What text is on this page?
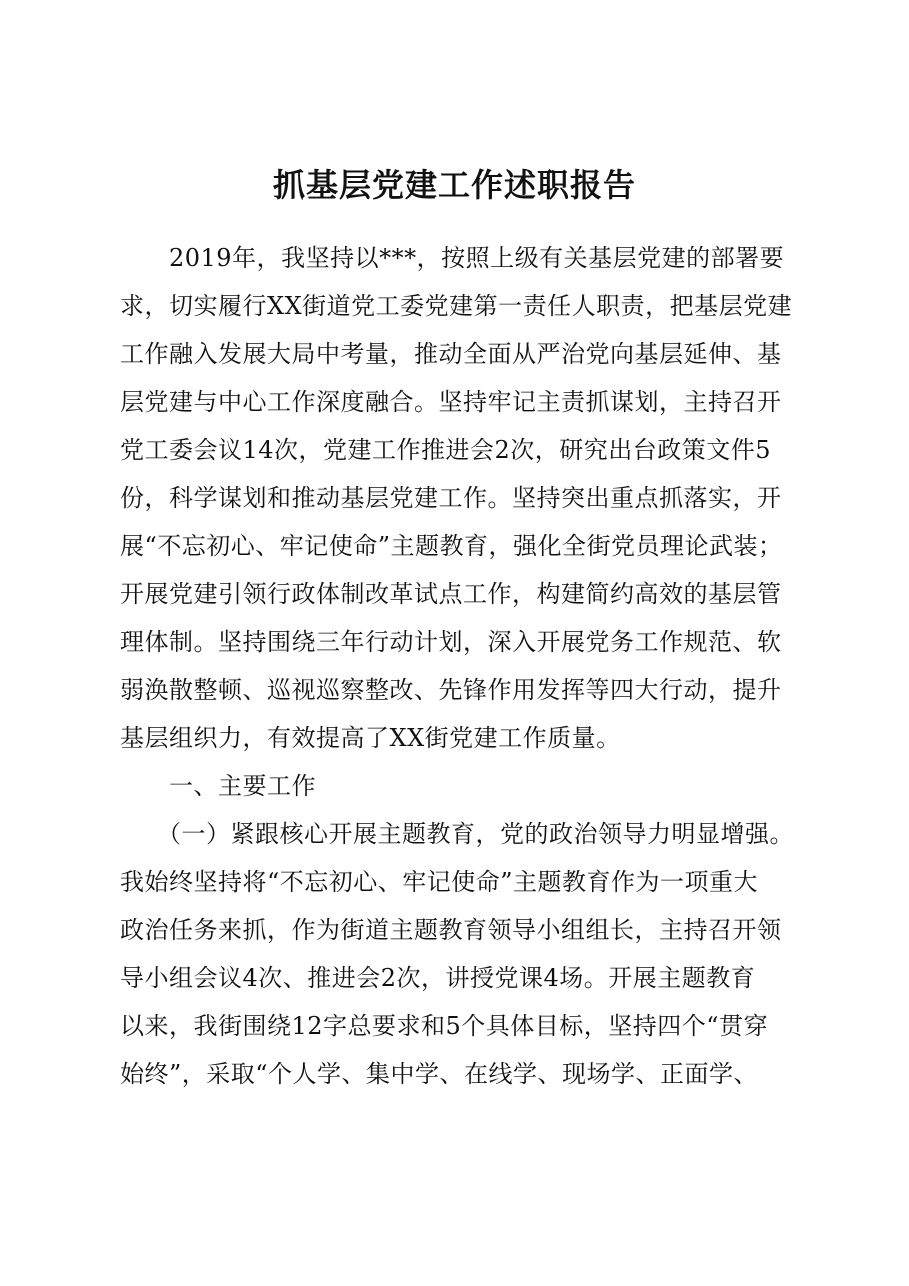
抓基层党建工作述职报告
　　2019年，我坚持以***，按照上级有关基层党建的部署要
求，切实履行XX街道党工委党建第一责任人职责，把基层党建
工作融入发展大局中考量，推动全面从严治党向基层延伸、基
层党建与中心工作深度融合。坚持牢记主责抓谋划，主持召开
党工委会议14次，党建工作推进会2次，研究出台政策文件5
份，科学谋划和推动基层党建工作。坚持突出重点抓落实，开
展“不忘初心、牢记使命”主题教育，强化全街党员理论武装；
开展党建引领行政体制改革试点工作，构建简约高效的基层管
理体制。坚持围绕三年行动计划，深入开展党务工作规范、软
弱涣散整顿、巡视巡察整改、先锋作用发挥等四大行动，提升
基层组织力，有效提高了XX街党建工作质量。
　　一、主要工作
　　（一）紧跟核心开展主题教育，党的政治领导力明显增强。
我始终坚持将“不忘初心、牢记使命”主题教育作为一项重大
政治任务来抓，作为街道主题教育领导小组组长，主持召开领
导小组会议4次、推进会2次，讲授党课4场。开展主题教育
以来，我街围绕12字总要求和5个具体目标，坚持四个“贯穿
始终”，采取“个人学、集中学、在线学、现场学、正面学、
